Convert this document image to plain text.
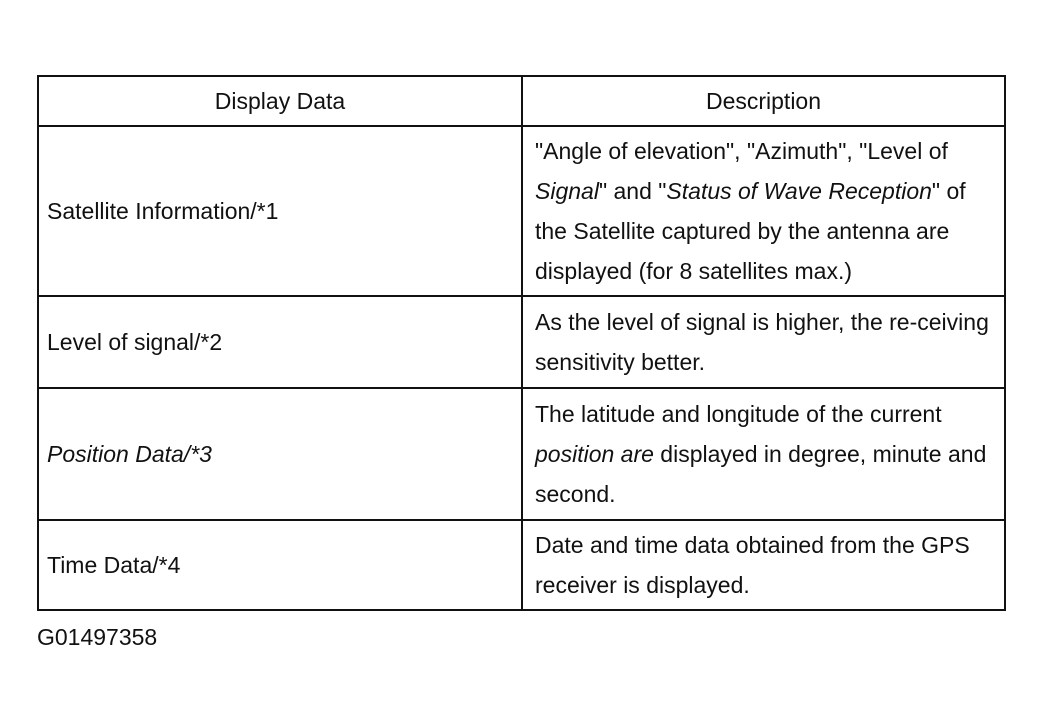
Display Data	Description
Satellite Information/*1	"Angle of elevation", "Azimuth", "Level of Signal" and "Status of Wave Reception" of the Satellite captured by the antenna are displayed (for 8 satellites max.)
Level of signal/*2	As the level of signal is higher, the re-ceiving sensitivity better.
Position Data/*3	The latitude and longitude of the current position are displayed in degree, minute and second.
Time Data/*4	Date and time data obtained from the GPS receiver is displayed.
G01497358
